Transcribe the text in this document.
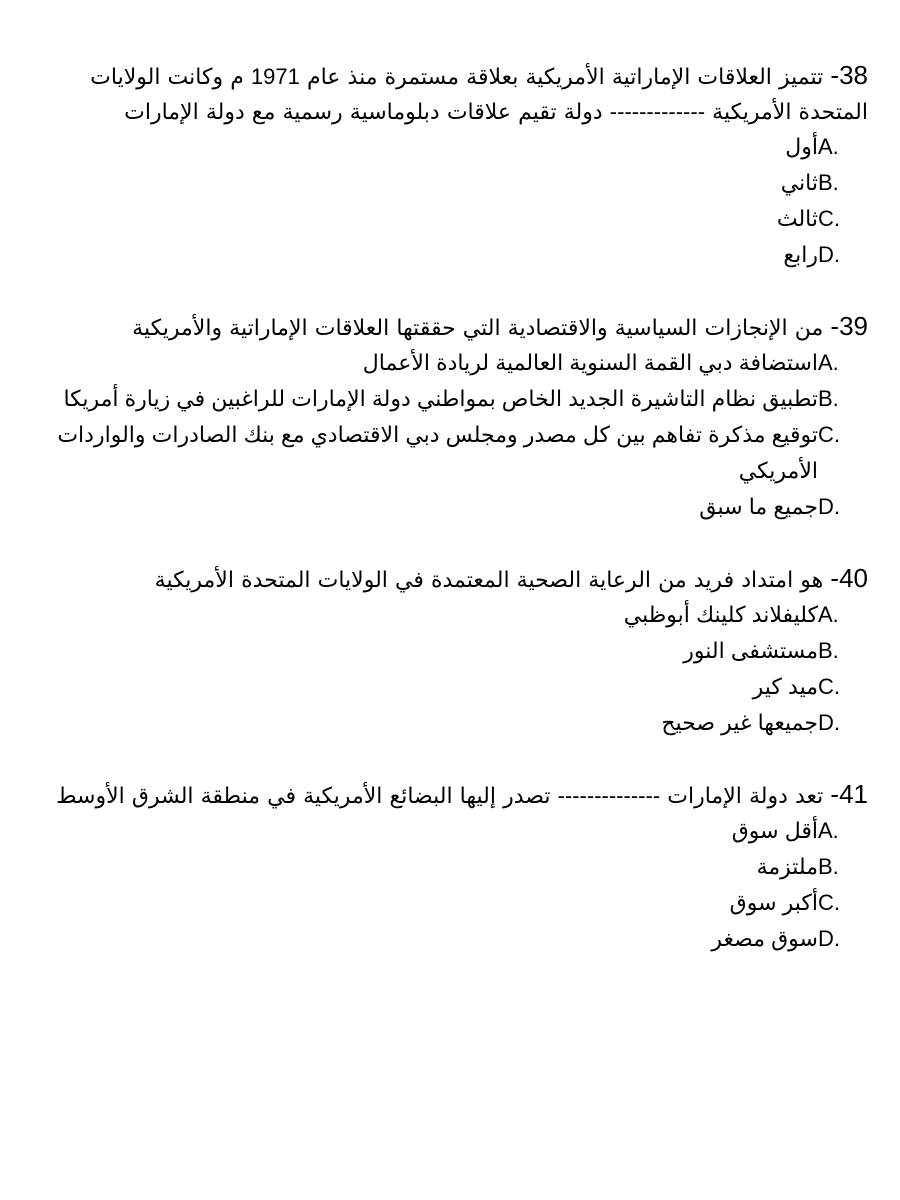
38- تتميز العلاقات الإماراتية الأمريكية بعلاقة مستمرة منذ عام 1971 م وكانت الولايات المتحدة الأمريكية ------------- دولة تقيم علاقات دبلوماسية رسمية مع دولة الإمارات

A.
أول
B.
ثاني
C.
ثالث
D.
رابع

39- من الإنجازات السياسية والاقتصادية التي حققتها العلاقات الإماراتية والأمريكية

A.
استضافة دبي القمة السنوية العالمية لريادة الأعمال
B.
تطبيق نظام التاشيرة الجديد الخاص بمواطني دولة الإمارات للراغبين في زيارة أمريكا
C.
توقيع مذكرة تفاهم بين كل مصدر ومجلس دبي الاقتصادي مع بنك الصادرات والواردات الأمريكي
D.
جميع ما سبق

40- هو امتداد فريد من الرعاية الصحية المعتمدة في الولايات المتحدة الأمريكية

A.
كليفلاند كلينك أبوظبي
B.
مستشفى النور
C.
ميد كير
D.
جميعها غير صحيح

41- تعد دولة الإمارات -------------- تصدر إليها البضائع الأمريكية في منطقة الشرق الأوسط

A.
أقل سوق
B.
ملتزمة
C.
أكبر سوق
D.
سوق مصغر
